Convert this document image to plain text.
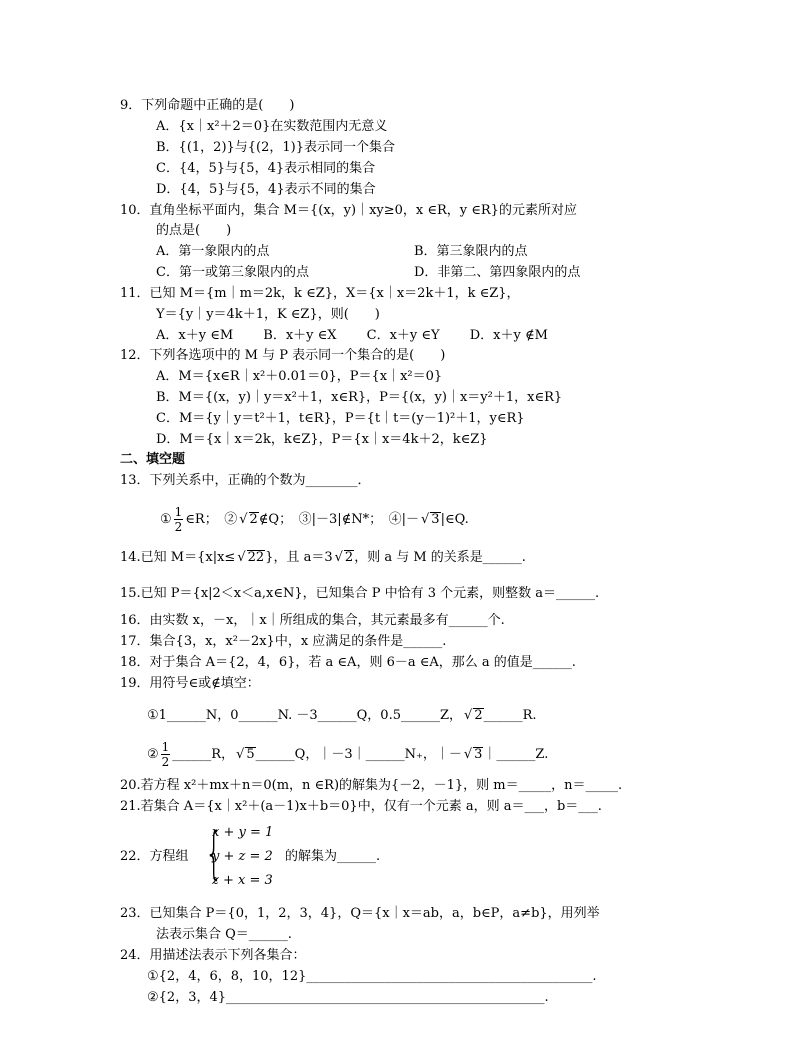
9．下列命题中正确的是(　　)
A．{x｜x²＋2＝0}在实数范围内无意义
B．{(1，2)}与{(2，1)}表示同一个集合
C．{4，5}与{5，4}表示相同的集合
D．{4，5}与{5，4}表示不同的集合
10．直角坐标平面内，集合 M＝{(x，y)｜xy≥0，x ∈R，y ∈R}的元素所对应
的点是(　　)
A．第一象限内的点	B．第三象限内的点
C．第一或第三象限内的点	D．非第二、第四象限内的点
11．已知 M＝{m｜m＝2k，k ∈Z}，X＝{x｜x＝2k＋1，k ∈Z}，
Y＝{y｜y＝4k＋1，K ∈Z}，则(　　)
A．x＋y ∈M　　 B．x＋y ∈X　　 C．x＋y ∈Y　　 D．x＋y ∉M
12．下列各选项中的 M 与 P 表示同一个集合的是(　　)
A．M＝{x∈R｜x²＋0.01＝0}，P＝{x｜x²＝0}
B．M＝{(x，y)｜y＝x²＋1，x∈R}，P＝{(x，y)｜x＝y²＋1，x∈R}
C．M＝{y｜y＝t²＋1，t∈R}，P＝{t｜t＝(y－1)²＋1，y∈R}
D．M＝{x｜x＝2k，k∈Z}，P＝{x｜x＝4k＋2，k∈Z}
二、填空题
13．下列关系中，正确的个数为________．
① $\frac{1}{2}$ ∈R；　② √ 2∉Q；　③|－3|∉N*；　④|－ √ 3|∈Q.
14.已知 M＝{x|x≤ √ 22}，且 a＝3 √ 2，则 a 与 M 的关系是______.
15.已知 P＝{x|2＜x＜a,x∈N}，已知集合 P 中恰有 3 个元素，则整数 a＝______.
16．由实数 x，－x，｜x｜所组成的集合，其元素最多有______个.
17．集合{3，x，x²－2x}中，x 应满足的条件是______.
18．对于集合 A＝{2，4，6}，若 a ∈A，则 6－a ∈A，那么 a 的值是______.
19．用符号∈或∉填空：
①1______N，0______N. －3______Q，0.5______Z， √ 2______R.
② $\frac{1}{2}$ ______R， √ 5______Q，｜－3｜______N₊，｜－ √ 3｜______Z.
20.若方程 x²＋mx＋n＝0(m，n ∈R)的解集为{－2，－1}，则 m＝_____，n＝_____.
21.若集合 A＝{x｜x²＋(a－1)x＋b＝0}中，仅有一个元素 a，则 a＝___，b＝___.
22．方程组 {
x + y = 1
y + z = 2
z + x = 3
的解集为______.
23．已知集合 P＝{0，1，2，3，4}，Q＝{x｜x＝ab，a，b∈P，a≠b}，用列举
法表示集合 Q＝______.
24．用描述法表示下列各集合：
①{2，4，6，8，10，12}____________________________________________.
②{2，3，4}_________________________________________________.
